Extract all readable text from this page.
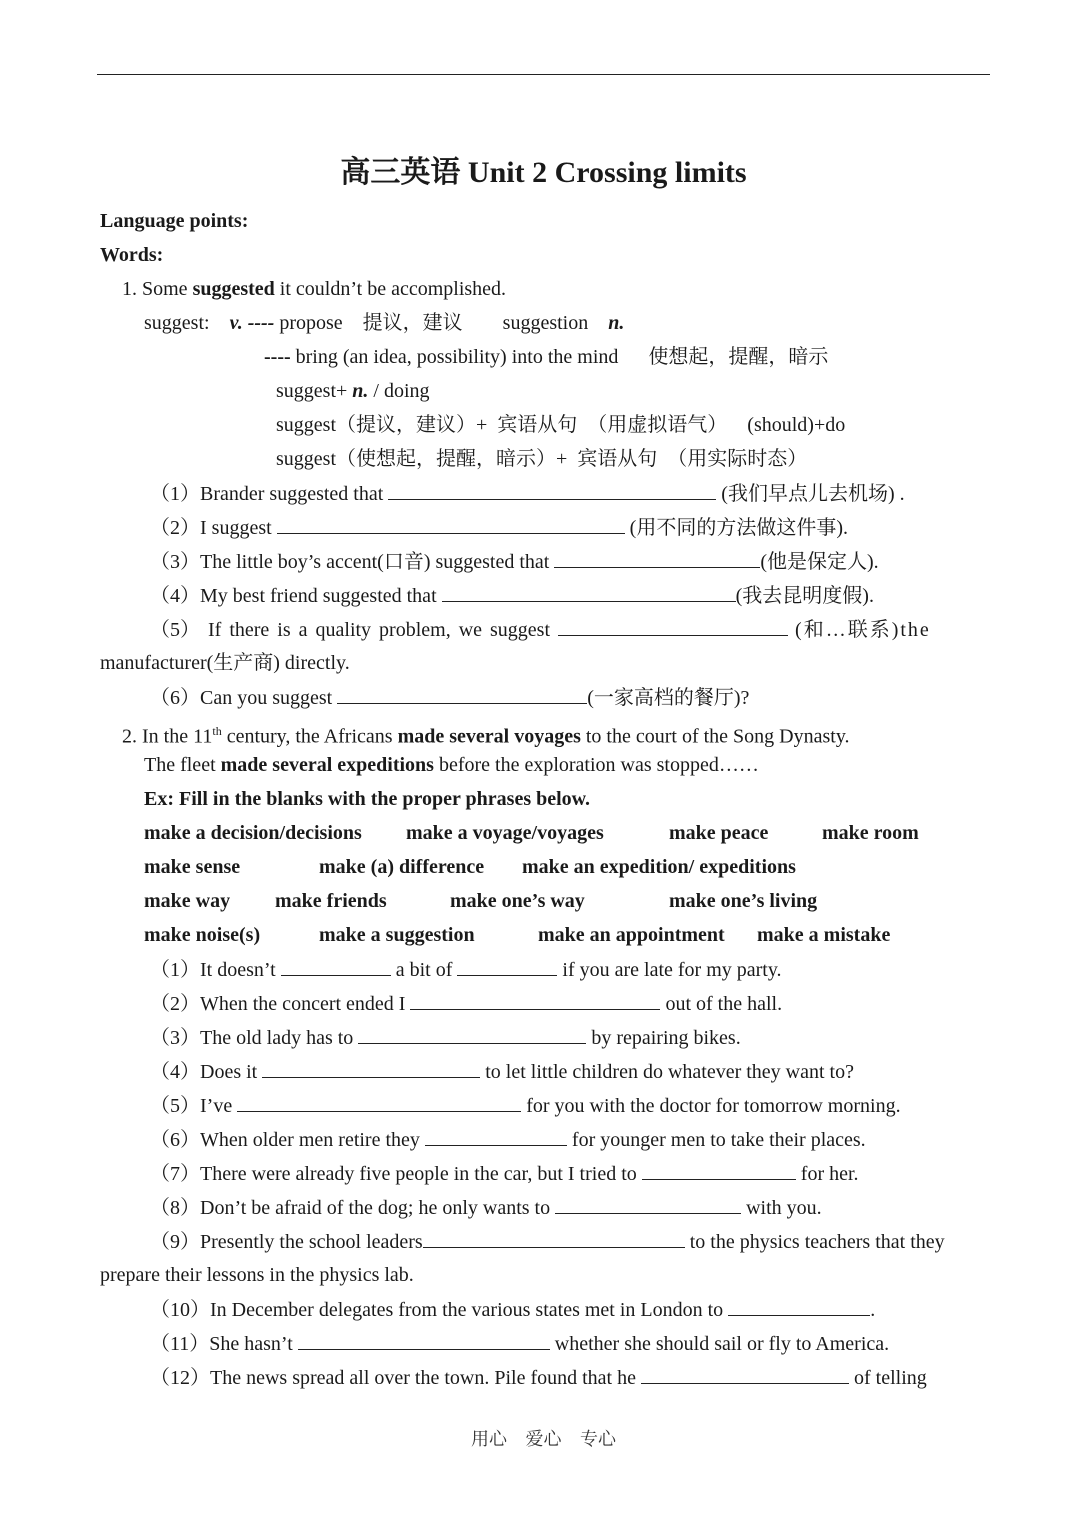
高三英语 Unit 2 Crossing limits
Language points:
Words:
1. Some suggested it couldn’t be accomplished.
suggest: v. ---- propose    提议，建议        suggestion    n.
---- bring (an idea, possibility) into the mind      使想起，提醒，暗示
suggest+ n. / doing
suggest（提议，建议）+  宾语从句  （用虚拟语气）    (should)+do
suggest（使想起，提醒，暗示）+  宾语从句  （用实际时态）
（1）Brander suggested that	(我们早点儿去机场) .
（2）I suggest	(用不同的方法做这件事).
（3）The little boy’s accent(口音) suggested that	(他是保定人).
（4）My best friend suggested that	(我去昆明度假).
（5） If there is a quality problem, we suggest	(和…联系)the
manufacturer(生产商) directly.
（6）Can you suggest	(一家高档的餐厅)?
2. In the 11th century, the Africans made several voyages to the court of the Song Dynasty.
The fleet made several expeditions before the exploration was stopped……
Ex: Fill in the blanks with the proper phrases below.
make a decision/decisions make a voyage/voyages	make peace	make room
make sense	make (a) difference make an expedition/ expeditions
make way make friends	make one’s way	make one’s living
make noise(s)	make a suggestion	make an appointment make a mistake
（1）It doesn’t	a bit of	if you are late for my party.
（2）When the concert ended I	out of the hall.
（3）The old lady has to	by repairing bikes.
（4）Does it	to let little children do whatever they want to?
（5）I’ve	for you with the doctor for tomorrow morning.
（6）When older men retire they	for younger men to take their places.
（7）There were already five people in the car, but I tried to	for her.
（8）Don’t be afraid of the dog; he only wants to	with you.
（9）Presently the school leaders	to the physics teachers that they
prepare their lessons in the physics lab.
（10）In December delegates from the various states met in London to	.
（11）She hasn’t	whether she should sail or fly to America.
（12）The news spread all over the town. Pile found that he	of telling
用心 爱心 专心
